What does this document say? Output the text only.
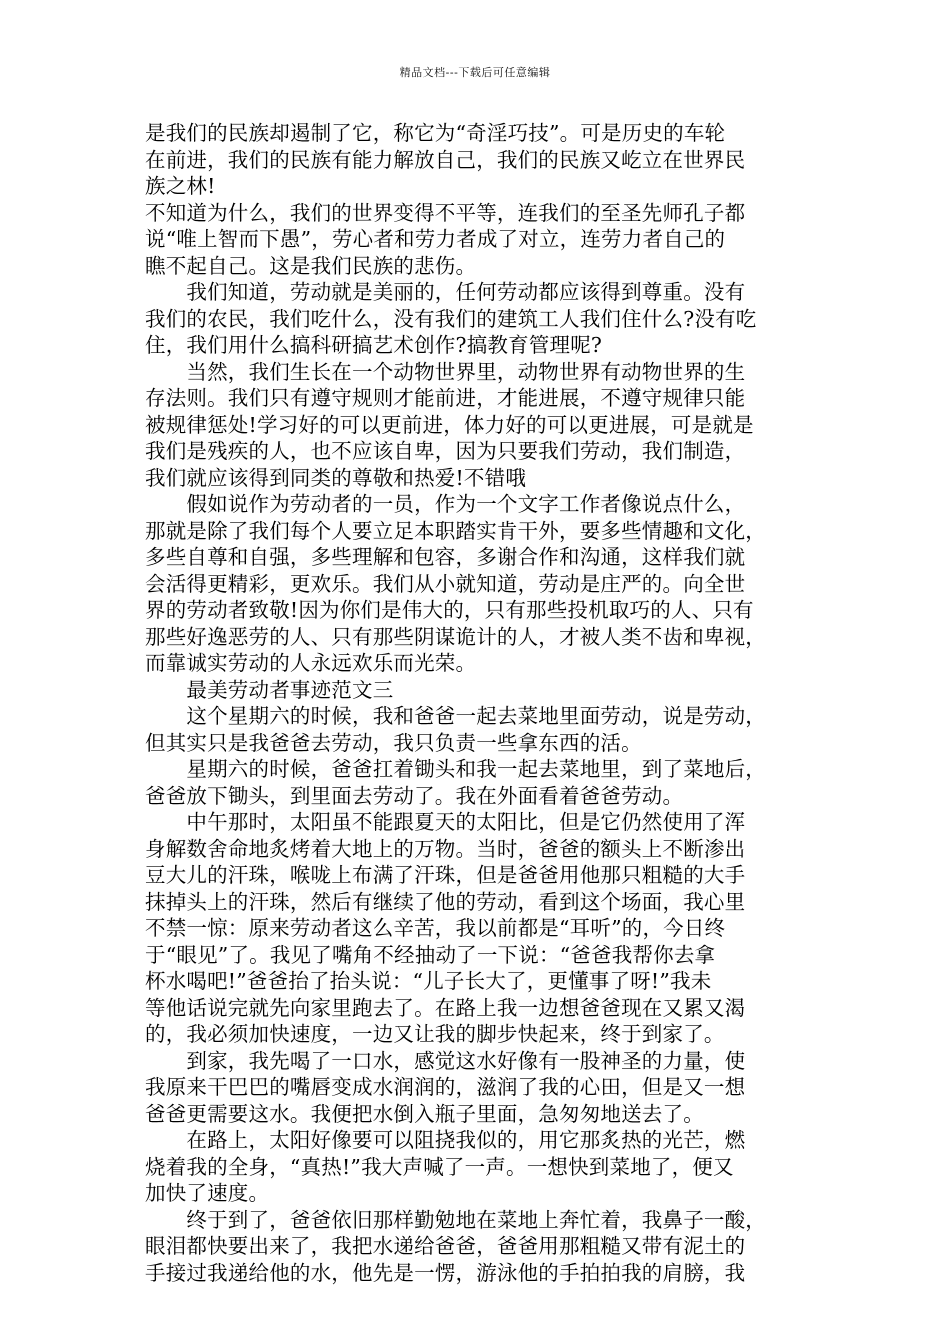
精品文档---下载后可任意编辑
是我们的民族却遏制了它，称它为“奇淫巧技”。可是历史的车轮
在前进，我们的民族有能力解放自己，我们的民族又屹立在世界民
族之林!
不知道为什么，我们的世界变得不平等，连我们的至圣先师孔子都
说“唯上智而下愚”，劳心者和劳力者成了对立，连劳力者自己的
瞧不起自己。这是我们民族的悲伤。
　　我们知道，劳动就是美丽的，任何劳动都应该得到尊重。没有
我们的农民，我们吃什么，没有我们的建筑工人我们住什么?没有吃
住，我们用什么搞科研搞艺术创作?搞教育管理呢?
　　当然，我们生长在一个动物世界里，动物世界有动物世界的生
存法则。我们只有遵守规则才能前进，才能进展，不遵守规律只能
被规律惩处!学习好的可以更前进，体力好的可以更进展，可是就是
我们是残疾的人，也不应该自卑，因为只要我们劳动，我们制造，
我们就应该得到同类的尊敬和热爱!不错哦
　　假如说作为劳动者的一员，作为一个文字工作者像说点什么，
那就是除了我们每个人要立足本职踏实肯干外，要多些情趣和文化，
多些自尊和自强，多些理解和包容，多谢合作和沟通，这样我们就
会活得更精彩，更欢乐。我们从小就知道，劳动是庄严的。向全世
界的劳动者致敬!因为你们是伟大的，只有那些投机取巧的人、只有
那些好逸恶劳的人、只有那些阴谋诡计的人，才被人类不齿和卑视，
而靠诚实劳动的人永远欢乐而光荣。
　　最美劳动者事迹范文三
　　这个星期六的时候，我和爸爸一起去菜地里面劳动，说是劳动，
但其实只是我爸爸去劳动，我只负责一些拿东西的活。
　　星期六的时候，爸爸扛着锄头和我一起去菜地里，到了菜地后，
爸爸放下锄头，到里面去劳动了。我在外面看着爸爸劳动。
　　中午那时，太阳虽不能跟夏天的太阳比，但是它仍然使用了浑
身解数舍命地炙烤着大地上的万物。当时，爸爸的额头上不断渗出
豆大儿的汗珠，喉咙上布满了汗珠，但是爸爸用他那只粗糙的大手
抹掉头上的汗珠，然后有继续了他的劳动，看到这个场面，我心里
不禁一惊：原来劳动者这么辛苦，我以前都是“耳听”的，今日终
于“眼见”了。我见了嘴角不经抽动了一下说：“爸爸我帮你去拿
杯水喝吧!”爸爸抬了抬头说：“儿子长大了，更懂事了呀!”我未
等他话说完就先向家里跑去了。在路上我一边想爸爸现在又累又渴
的，我必须加快速度，一边又让我的脚步快起来，终于到家了。
　　到家，我先喝了一口水，感觉这水好像有一股神圣的力量，使
我原来干巴巴的嘴唇变成水润润的，滋润了我的心田，但是又一想
爸爸更需要这水。我便把水倒入瓶子里面，急匆匆地送去了。
　　在路上，太阳好像要可以阻挠我似的，用它那炙热的光芒，燃
烧着我的全身，“真热!”我大声喊了一声。一想快到菜地了，便又
加快了速度。
　　终于到了，爸爸依旧那样勤勉地在菜地上奔忙着，我鼻子一酸，
眼泪都快要出来了，我把水递给爸爸，爸爸用那粗糙又带有泥土的
手接过我递给他的水，他先是一愣，游泳他的手拍拍我的肩膀，我
